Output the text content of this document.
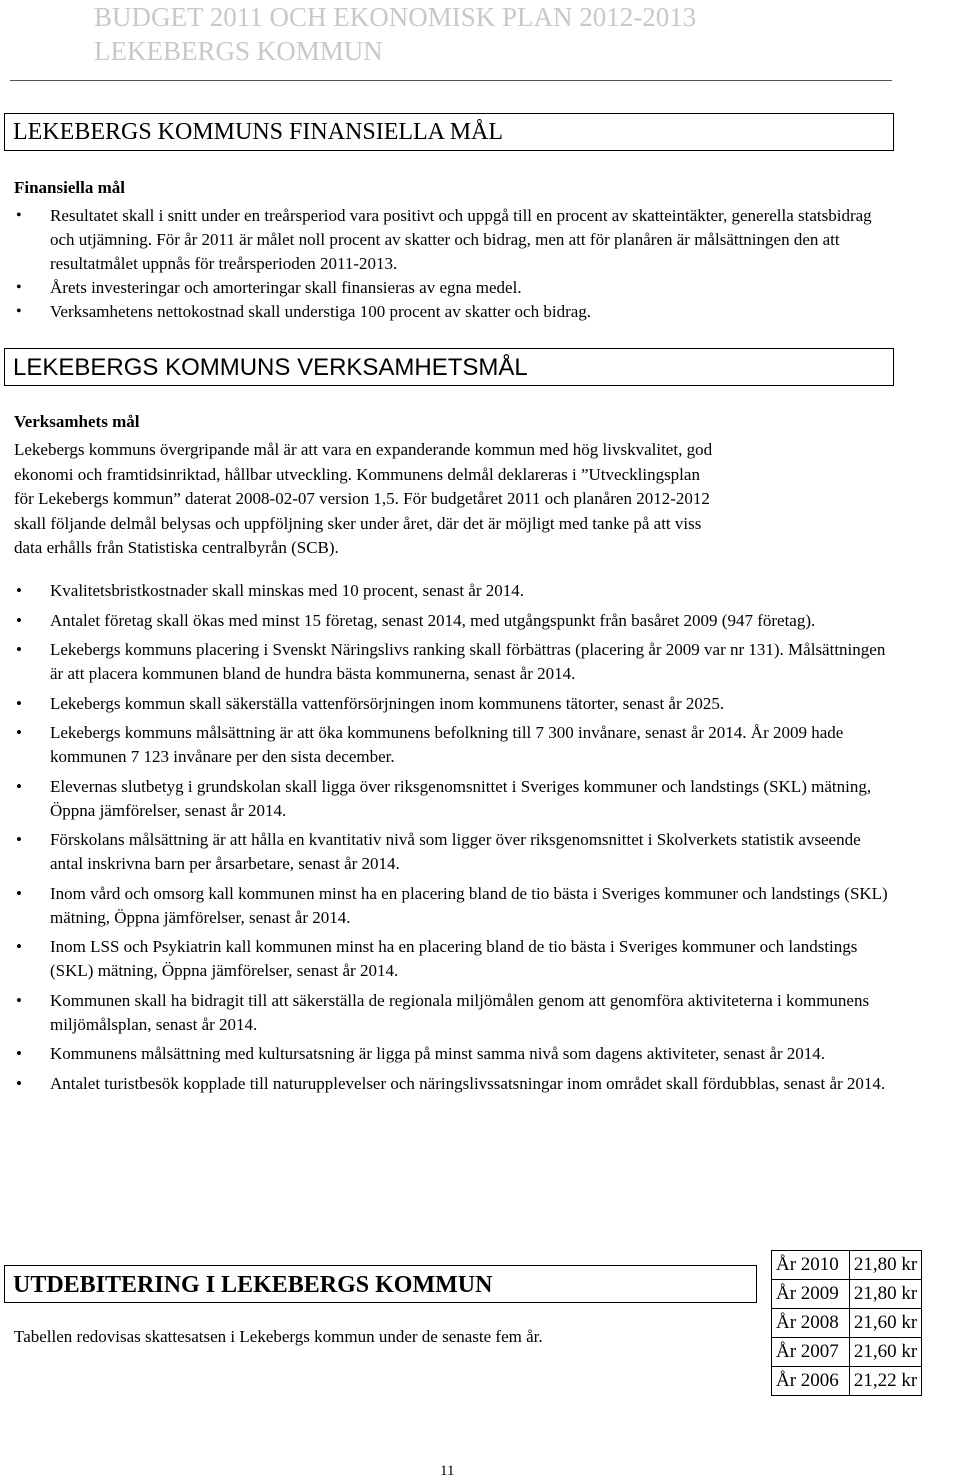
BUDGET 2011 OCH EKONOMISK PLAN 2012-2013
LEKEBERGS KOMMUN
LEKEBERGS KOMMUNS FINANSIELLA MÅL
Finansiella mål
• Resultatet skall i snitt under en treårsperiod vara positivt och uppgå till en procent av skatteintäkter, generella statsbidrag och utjämning. För år 2011 är målet noll procent av skatter och bidrag, men att för planåren är målsättningen den att resultatmålet uppnås för treårsperioden 2011-2013.
• Årets investeringar och amorteringar skall finansieras av egna medel.
• Verksamhetens nettokostnad skall understiga 100 procent av skatter och bidrag.
LEKEBERGS KOMMUNS VERKSAMHETSMÅL
Verksamhets mål
Lekebergs kommuns övergripande mål är att vara en expanderande kommun med hög livskvalitet, god
ekonomi och framtidsinriktad, hållbar utveckling. Kommunens delmål deklareras i ”Utvecklingsplan
för Lekebergs kommun” daterat 2008-02-07 version 1,5. För budgetåret 2011 och planåren 2012-2012
skall följande delmål belysas och uppföljning sker under året, där det är möjligt med tanke på att viss
data erhålls från Statistiska centralbyrån (SCB).
• Kvalitetsbristkostnader skall minskas med 10 procent, senast år 2014.
• Antalet företag skall ökas med minst 15 företag, senast 2014, med utgångspunkt från basåret 2009 (947 företag).
• Lekebergs kommuns placering i Svenskt Näringslivs ranking skall förbättras (placering år 2009 var nr 131). Målsättningen är att placera kommunen bland de hundra bästa kommunerna, senast år 2014.
• Lekebergs kommun skall säkerställa vattenförsörjningen inom kommunens tätorter, senast år 2025.
• Lekebergs kommuns målsättning är att öka kommunens befolkning till 7 300 invånare, senast år 2014. År 2009 hade kommunen 7 123 invånare per den sista december.
• Elevernas slutbetyg i grundskolan skall ligga över riksgenomsnittet i Sveriges kommuner och landstings (SKL) mätning, Öppna jämförelser, senast år 2014.
• Förskolans målsättning är att hålla en kvantitativ nivå som ligger över riksgenomsnittet i Skolverkets statistik avseende antal inskrivna barn per årsarbetare, senast år 2014.
• Inom vård och omsorg kall kommunen minst ha en placering bland de tio bästa i Sveriges kommuner och landstings (SKL) mätning, Öppna jämförelser, senast år 2014.
• Inom LSS och Psykiatrin kall kommunen minst ha en placering bland de tio bästa i Sveriges kommuner och landstings (SKL) mätning, Öppna jämförelser, senast år 2014.
• Kommunen skall ha bidragit till att säkerställa de regionala miljömålen genom att genomföra aktiviteterna i kommunens miljömålsplan, senast år 2014.
• Kommunens målsättning med kultursatsning är ligga på minst samma nivå som dagens aktiviteter, senast år 2014.
• Antalet turistbesök kopplade till naturupplevelser och näringslivssatsningar inom området skall fördubblas, senast år 2014.
UTDEBITERING I LEKEBERGS KOMMUN
Tabellen redovisas skattesatsen i Lekebergs kommun under de senaste fem år.
År 2010	21,80 kr
År 2009	21,80 kr
År 2008	21,60 kr
År 2007	21,60 kr
År 2006	21,22 kr
11
